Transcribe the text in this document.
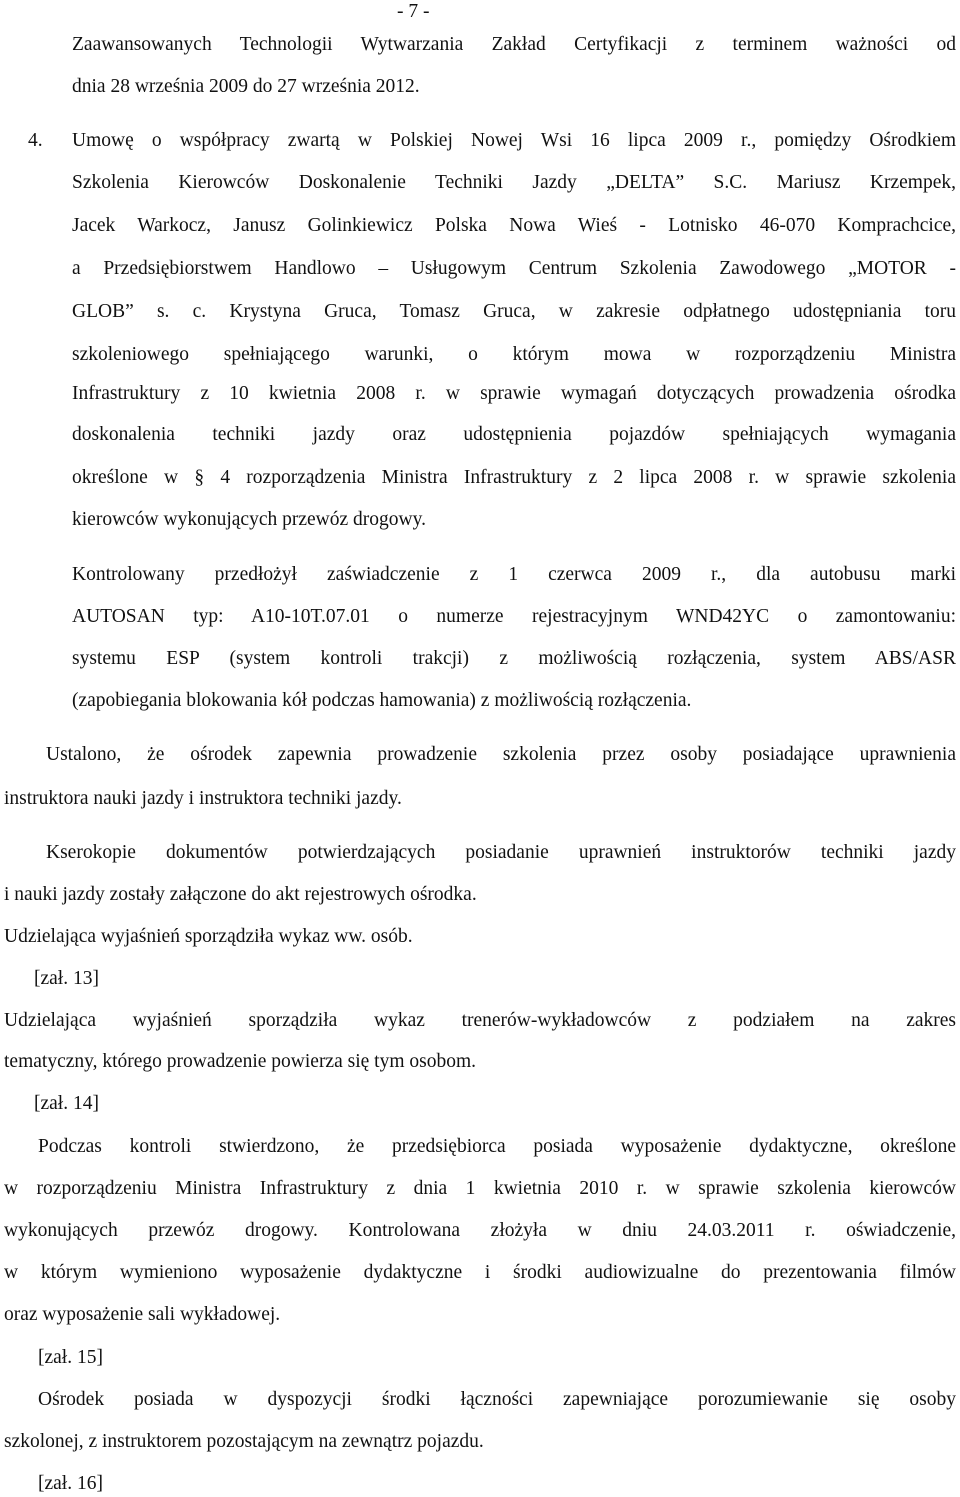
- 7 -
Zaawansowanych Technologii Wytwarzania Zakład Certyfikacji z terminem ważności od
dnia 28 września 2009 do 27 września 2012.
4. Umowę o współpracy zwartą w Polskiej Nowej Wsi 16 lipca 2009 r., pomiędzy Ośrodkiem
Szkolenia Kierowców Doskonalenie Techniki Jazdy „DELTA” S.C. Mariusz Krzempek,
Jacek Warkocz, Janusz Golinkiewicz Polska Nowa Wieś - Lotnisko 46-070 Komprachcice,
a Przedsiębiorstwem Handlowo – Usługowym Centrum Szkolenia Zawodowego „MOTOR -
GLOB” s. c. Krystyna Gruca, Tomasz Gruca, w zakresie odpłatnego udostępniania toru
szkoleniowego spełniającego warunki, o którym mowa w rozporządzeniu Ministra
Infrastruktury z 10 kwietnia 2008 r. w sprawie wymagań dotyczących prowadzenia ośrodka
doskonalenia techniki jazdy oraz udostępnienia pojazdów spełniających wymagania
określone w § 4 rozporządzenia Ministra Infrastruktury z 2 lipca 2008 r. w sprawie szkolenia
kierowców wykonujących przewóz drogowy.
Kontrolowany przedłożył zaświadczenie z 1 czerwca 2009 r., dla autobusu marki
AUTOSAN typ: A10-10T.07.01 o numerze rejestracyjnym WND42YC o zamontowaniu:
systemu ESP (system kontroli trakcji) z możliwością rozłączenia, system ABS/ASR
(zapobiegania blokowania kół podczas hamowania) z możliwością rozłączenia.
Ustalono, że ośrodek zapewnia prowadzenie szkolenia przez osoby posiadające uprawnienia
instruktora nauki jazdy i instruktora techniki jazdy.
Kserokopie dokumentów potwierdzających posiadanie uprawnień instruktorów techniki jazdy
i nauki jazdy zostały załączone do akt rejestrowych ośrodka.
Udzielająca wyjaśnień sporządziła wykaz ww. osób.
[zał. 13]
Udzielająca wyjaśnień sporządziła wykaz trenerów-wykładowców z podziałem na zakres
tematyczny, którego prowadzenie powierza się tym osobom.
[zał. 14]
Podczas kontroli stwierdzono, że przedsiębiorca posiada wyposażenie dydaktyczne, określone
w rozporządzeniu Ministra Infrastruktury z dnia 1 kwietnia 2010 r. w sprawie szkolenia kierowców
wykonujących przewóz drogowy. Kontrolowana złożyła w dniu 24.03.2011 r. oświadczenie,
w którym wymieniono wyposażenie dydaktyczne i środki audiowizualne do prezentowania filmów
oraz wyposażenie sali wykładowej.
[zał. 15]
Ośrodek posiada w dyspozycji środki łączności zapewniające porozumiewanie się osoby
szkolonej, z instruktorem pozostającym na zewnątrz pojazdu.
[zał. 16]
